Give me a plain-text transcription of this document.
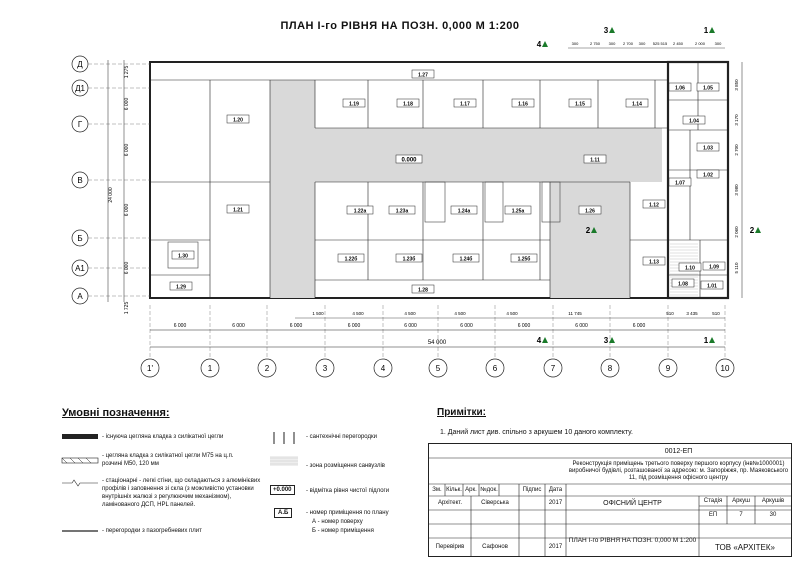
ПЛАН І-го РІВНЯ НА ПОЗН. 0,000 М 1:200
1'	1	2	3	4	5	6	7	8	9	10
Д
Д1
Г
В
Б
А1
А
1 275
6 000
6 000
24 000
6 000
6 000
1 725
3 850
3 170
2 700
3 980
2 060
5 110
6 000	6 000	6 000	6 000	6 000	6 000	6 000	6 000	6 000
54 000
1 500	4 500	4 500	4 500	4 500	11 745	510	3 435	510
300	2 750 300 2 700 300 525 515 2 450	2 000 300
1.27
1.19	1.18	1.17	1.16	1.15	1.14
1.20
0.000	1.11
1.21	1.22а	1.23а	1.24а	1.25а	1.26
1.12
1.22б	1.23б	1.24б	1.25б	1.13
1.30
1.29	1.28
1.06	1.05
1.04
1.03
1.07
1.02
1.09
1.10
1.08	1.01
1
1
2
2
3
3
4
4
Умовні позначення:
- існуюча цегляна кладка з силікатної цегли
- цегляна кладка з силікатної цегли М75 на ц.п. розчині М50, 120 мм
- стаціонарні - легкі стіни, що складаються з алюмінієвих профілів і заповнення зі скла (з можливістю установки внутрішніх жалюзі з регулюючим механізмом), ламінованого ДСП, HPL панелей.
- перегородки з пазогребневих плит
+0.000
А.Б
- сантехнічні перегородки
- зона розміщення санвузлів
- відмітка рівня чистої підлоги
- номер приміщення по плану
А - номер поверху
Б - номер приміщення
Примітки:
1. Даний лист див. спільно з аркушем 10 даного комплекту.
0012-ЕП
Реконструкція приміщень третього поверху першого корпусу (інв№1000001) виробничої будівлі, розташованої за адресою: м. Запоріжжя, пр. Маяковського 11, під розміщення офісного центру
Зм. Кільк. Арк. №док.	Підпис	Дата
Архітект.	Сіверська	2017
Перевірив	Сафонов	2017
ОФІСНИЙ ЦЕНТР
ПЛАН І-го РІВНЯ НА ПОЗН. 0,000 М 1:200
Стадія	Аркуш	Аркушів
ЕП	7	30
ТОВ «АРХІТЕК»
